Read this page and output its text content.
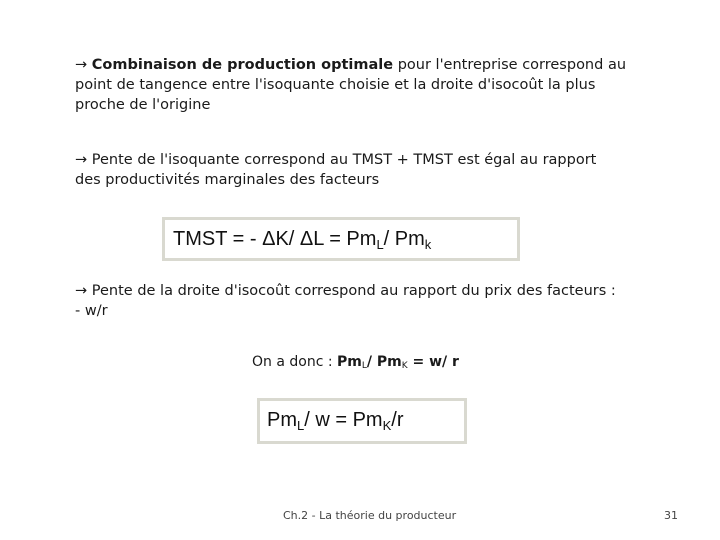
→ Combinaison de production optimale pour l'entreprise correspond au
point de tangence entre l'isoquante choisie et la droite d'isocoût la plus
proche de l'origine
→ Pente de l'isoquante correspond au TMST + TMST est égal au rapport
des productivités marginales des facteurs
TMST = - ΔK/ $\Delta L = Pm_L/$ $Pm_k$
→ Pente de la droite d'isocoût correspond au rapport du prix des facteurs :
- w/r
On a donc : $Pm_L/$ $Pm_K = w/$ r
$Pm_L/$ $w = Pm_K/r$
Ch.2 - La théorie du producteur	31
